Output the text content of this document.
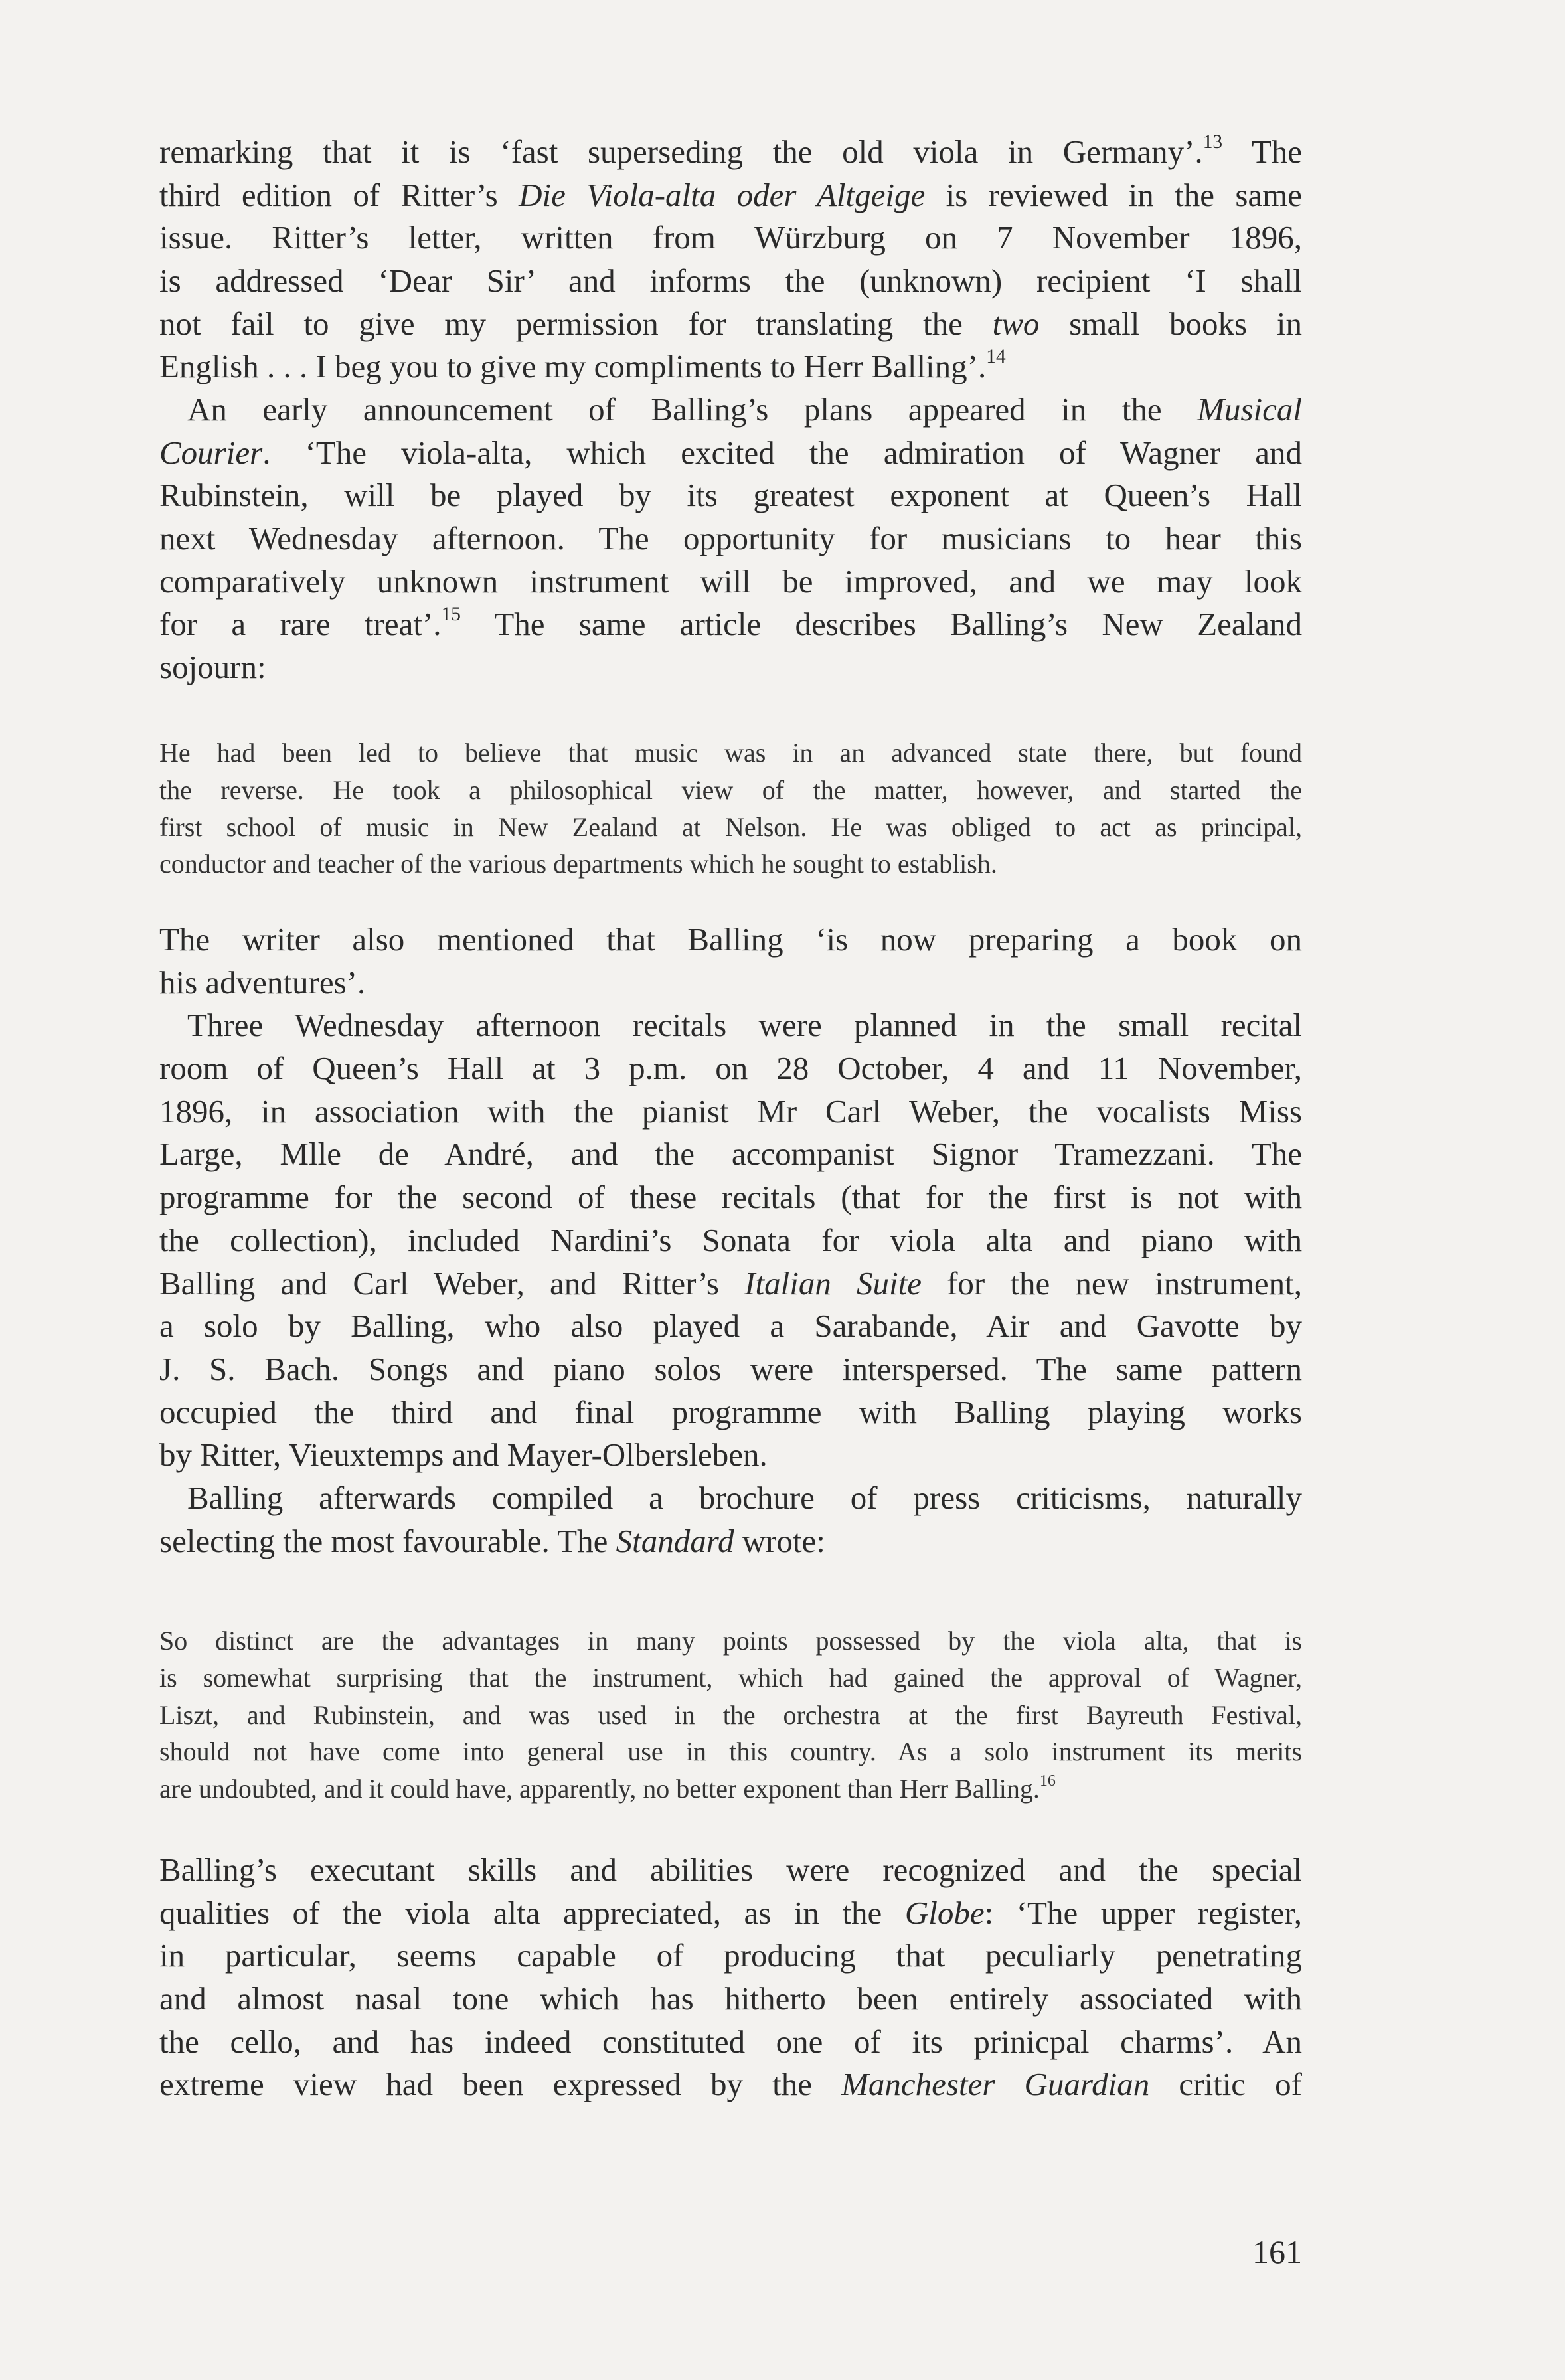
remarking that it is ‘fast superseding the old viola in Germany’.$^{13}$ The
third edition of Ritter’s Die Viola-alta oder Altgeige is reviewed in the same
issue. Ritter’s letter, written from Würzburg on 7 November 1896,
is addressed ‘Dear Sir’ and informs the (unknown) recipient ‘I shall
not fail to give my permission for translating the two small books in
English . . . I beg you to give my compliments to Herr Balling’.$^{14}$
An early announcement of Balling’s plans appeared in the Musical
Courier. ‘The viola-alta, which excited the admiration of Wagner and
Rubinstein, will be played by its greatest exponent at Queen’s Hall
next Wednesday afternoon. The opportunity for musicians to hear this
comparatively unknown instrument will be improved, and we may look
for a rare treat’.$^{15}$ The same article describes Balling’s New Zealand
sojourn:
He had been led to believe that music was in an advanced state there, but found
the reverse. He took a philosophical view of the matter, however, and started the
first school of music in New Zealand at Nelson. He was obliged to act as principal,
conductor and teacher of the various departments which he sought to establish.
The writer also mentioned that Balling ‘is now preparing a book on
his adventures’.
Three Wednesday afternoon recitals were planned in the small recital
room of Queen’s Hall at 3 p.m. on 28 October, 4 and 11 November,
1896, in association with the pianist Mr Carl Weber, the vocalists Miss
Large, Mlle de André, and the accompanist Signor Tramezzani. The
programme for the second of these recitals (that for the first is not with
the collection), included Nardini’s Sonata for viola alta and piano with
Balling and Carl Weber, and Ritter’s Italian Suite for the new instrument,
a solo by Balling, who also played a Sarabande, Air and Gavotte by
J. S. Bach. Songs and piano solos were interspersed. The same pattern
occupied the third and final programme with Balling playing works
by Ritter, Vieuxtemps and Mayer-Olbersleben.
Balling afterwards compiled a brochure of press criticisms, naturally
selecting the most favourable. The Standard wrote:
So distinct are the advantages in many points possessed by the viola alta, that is
is somewhat surprising that the instrument, which had gained the approval of Wagner,
Liszt, and Rubinstein, and was used in the orchestra at the first Bayreuth Festival,
should not have come into general use in this country. As a solo instrument its merits
are undoubted, and it could have, apparently, no better exponent than Herr Balling.$^{16}$
Balling’s executant skills and abilities were recognized and the special
qualities of the viola alta appreciated, as in the Globe: ‘The upper register,
in particular, seems capable of producing that peculiarly penetrating
and almost nasal tone which has hitherto been entirely associated with
the cello, and has indeed constituted one of its prinicpal charms’. An
extreme view had been expressed by the Manchester Guardian critic of
161
